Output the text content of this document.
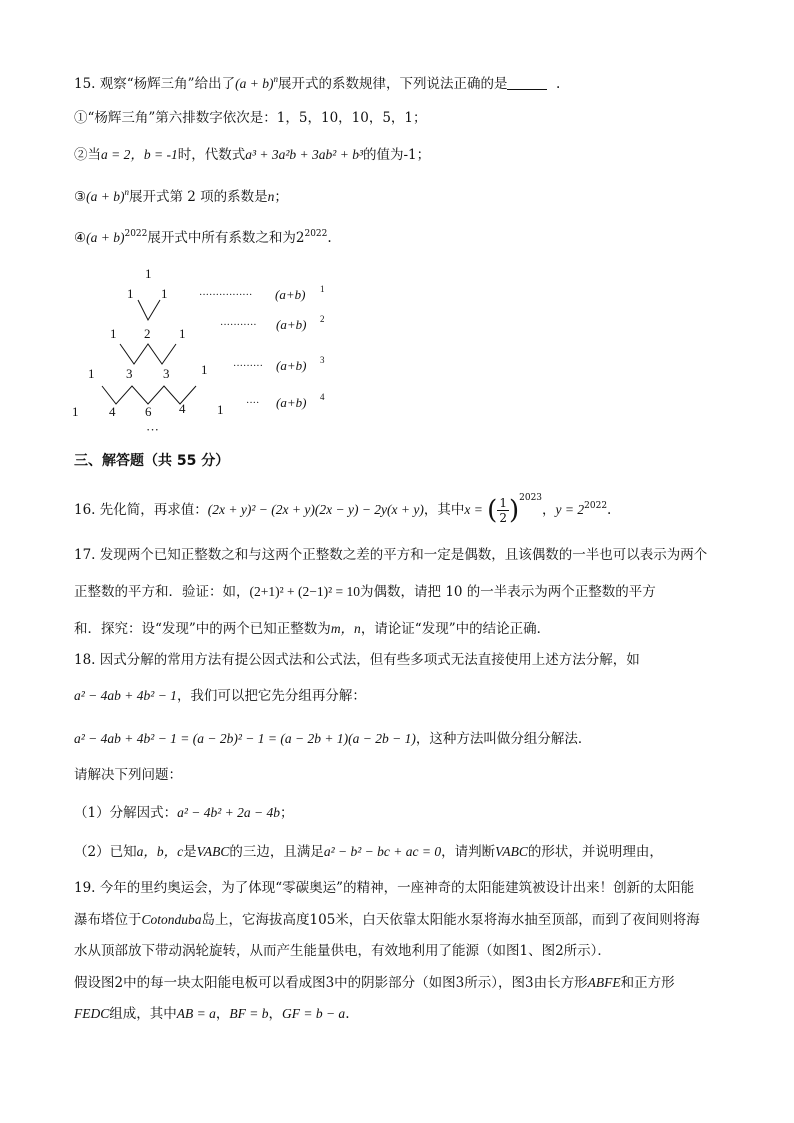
15. 观察“杨辉三角”给出了$(a + b)^n$展开式的系数规律，下列说法正确的是	.
①“杨辉三角”第六排数字依次是：1，5，10，10，5，1；
②当a = 2，b = -1时，代数式a³ + 3a²b + 3ab² + b³的值为-1；
③(a + b)$^n$展开式第 2 项的系数是n；
④(a + b)$^{2022}$展开式中所有系数之和为$2^{2022}$.
1
1 1
1 2 1
1 3 3 1
1 4 6 4 1
···
················ (a+b) 1
··········· (a+b) 2
········· (a+b) 3
···· (a+b) 4
三、解答题（共 55 分）
16. 先化简，再求值：(2x + y)² − (2x + y)(2x − y) − 2y(x + y)，其中x = ( $\frac{1}{2} )^{2023}$，$y = 2^{2022}$.
17. 发现两个已知正整数之和与这两个正整数之差的平方和一定是偶数，且该偶数的一半也可以表示为两个
正整数的平方和．验证：如，(2+1)² + (2−1)² = 10为偶数，请把 10 的一半表示为两个正整数的平方
和．探究：设“发现”中的两个已知正整数为m，n，请论证“发现”中的结论正确．
18. 因式分解的常用方法有提公因式法和公式法，但有些多项式无法直接使用上述方法分解，如
a² − 4ab + 4b² − 1，我们可以把它先分组再分解：
a² − 4ab + 4b² − 1 = (a − 2b)² − 1 = (a − 2b + 1)(a − 2b − 1)，这种方法叫做分组分解法．
请解决下列问题：
（1）分解因式：a² − 4b² + 2a − 4b；
（2）已知a，b，c是VABC的三边，且满足a² − b² − bc + ac = 0，请判断VABC的形状，并说明理由，
19. 今年的里约奥运会，为了体现“零碳奥运”的精神，一座神奇的太阳能建筑被设计出来！创新的太阳能
瀑布塔位于Cotonduba岛上，它海拔高度105米，白天依靠太阳能水泵将海水抽至顶部，而到了夜间则将海
水从顶部放下带动涡轮旋转，从而产生能量供电，有效地利用了能源（如图1、图2所示）．
假设图2中的每一块太阳能电板可以看成图3中的阴影部分（如图3所示），图3由长方形ABFE和正方形
FEDC组成，其中AB = a，BF = b，GF = b − a.
